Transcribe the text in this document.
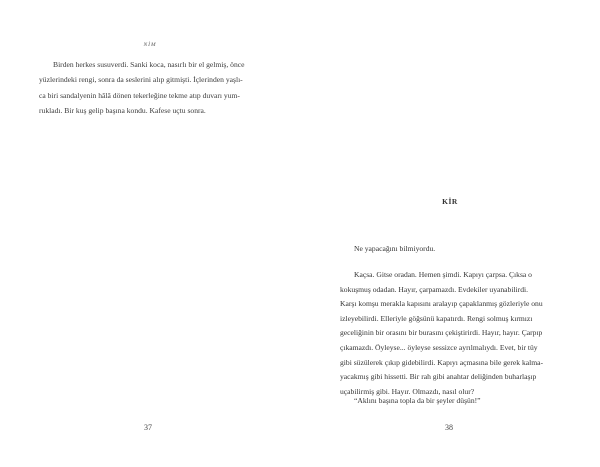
NİM

Birden herkes susuverdi. Sanki koca, nasırlı bir el gelmiş, önce

yüzlerindeki rengi, sonra da seslerini alıp gitmişti. İçlerinden yaşlı-

ca biri sandalyenin hâlâ dönen tekerleğine tekme atıp duvarı yum-

rukladı. Bir kuş gelip başına kondu. Kafese uçtu sonra.

37
KİR

Ne yapacağını bilmiyordu.

Kaçsa. Gitse oradan. Hemen şimdi. Kapıyı çarpsa. Çıksa o

kokuşmuş odadan. Hayır, çarpamazdı. Evdekiler uyanabilirdi.

Karşı komşu merakla kapısını aralayıp çapaklanmış gözleriyle onu

izleyebilirdi. Elleriyle göğsünü kapatırdı. Rengi solmuş kırmızı

geceliğinin bir orasını bir burasını çekiştirirdi. Hayır, hayır. Çarpıp

çıkamazdı. Öyleyse... öyleyse sessizce ayrılmalıydı. Evet, bir tüy

gibi süzülerek çıkıp gidebilirdi. Kapıyı açmasına bile gerek kalma-

yacakmış gibi hissetti. Bir rah gibi anahtar deliğinden buharlaşıp

uçabilirmiş gibi. Hayır. Olmazdı, nasıl olur?

“Aklını başına topla da bir şeyler düşün!”

38
